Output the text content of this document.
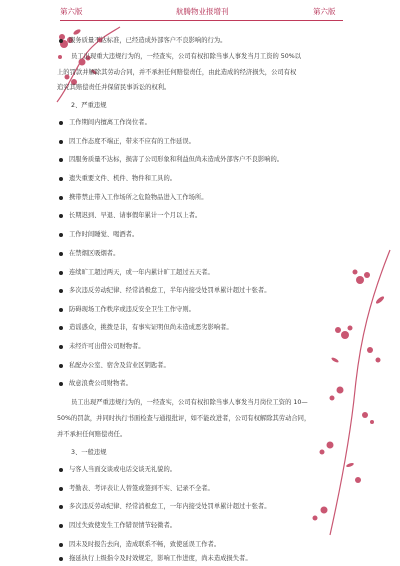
第六版	航腾物业报增刊	第六版
服务质量不达标准，已经造成外部客户不良影响的行为。
员工出现重大违规行为的，一经查实，公司有权扣除当事人事发当月工资的 50%以
上的罚款并解除其劳动合同，并不承担任何赔偿责任，由此造成的经济损失，公司有权
追究其赔偿责任并保留民事诉讼的权利。
2、严重违规
工作期间内擅离工作岗位者。
因工作态度不端正，带来不应有的工作延误。
因服务质量不达标，损害了公司形象和利益但尚未造成外部客户不良影响的。
遗失重要文件、机件、物件和工具的。
携带禁止带入工作场所之危险物品进入工作场所。
长期迟到、早退、请事假年累计一个月以上者。
工作时间睡觉、喝酒者。
在禁烟区吸烟者。
连续旷工超过两天，或一年内累计旷工超过五天者。
多次违反劳动纪律、经常消极怠工，半年内接受处罚单累计超过十张者。
防碍现场工作秩序或违反安全卫生工作守则。
造谣惑众，挑拨是非，有事实证明但尚未造成恶劣影响者。
未经许可出借公司财物者。
私配办公室、宿舍及营业区钥匙者。
故意浪费公司财物者。
员工出现严重违规行为的，一经查实，公司有权扣除当事人事发当月岗位工资的 10—
50%的罚款，并同时执行书面检查与通报批评，如不能改进者，公司有权解除其劳动合同，
并不承担任何赔偿责任。
3、一般违规
与客人当面交谈或电话交谈无礼貌的。
考勤表、考评表让人替签或签到不实、记录不全者。
多次违反劳动纪律、经常消极怠工，一年内接受处罚单累计超过十张者。
因过失致使发生工作错误情节轻微者。
因未及时报告去向，造成联系不畅，致使延误工作者。
拖延执行上级指令及时效规定，影响工作进度，尚未造成损失者。
